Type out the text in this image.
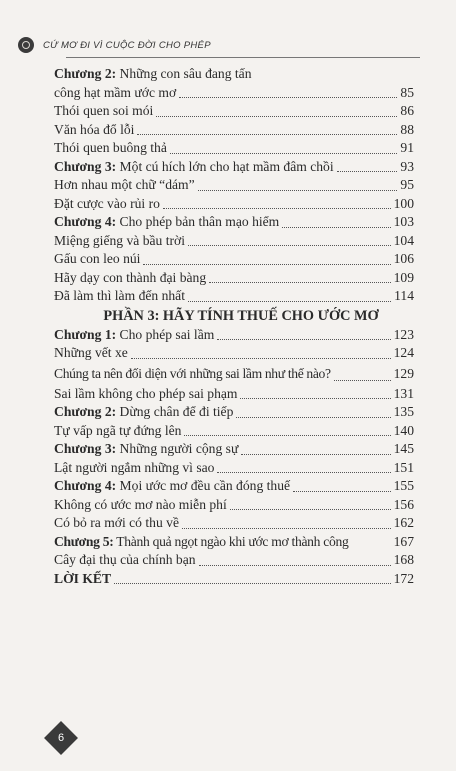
CỨ MƠ ĐI VÌ CUỘC ĐỜI CHO PHÉP
Chương 2: Những con sâu đang tấn
công hạt mầm ước mơ	85
Thói quen soi mói	86
Văn hóa đổ lỗi	88
Thói quen buông thả	91
Chương 3: Một cú hích lớn cho hạt mầm đâm chồi	93
Hơn nhau một chữ “dám”	95
Đặt cược vào rủi ro	100
Chương 4: Cho phép bản thân mạo hiểm	103
Miệng giếng và bầu trời	104
Gấu con leo núi	106
Hãy dạy con thành đại bàng	109
Đã làm thì làm đến nhất	114
PHẦN 3: HÃY TÍNH THUẾ CHO ƯỚC MƠ
Chương 1: Cho phép sai lầm	123
Những vết xe	124
Chúng ta nên đối diện với những sai lầm như thế nào?	129
Sai lầm không cho phép sai phạm	131
Chương 2: Dừng chân để đi tiếp	135
Tự vấp ngã tự đứng lên	140
Chương 3: Những người cộng sự	145
Lật người ngắm những vì sao	151
Chương 4: Mọi ước mơ đều cần đóng thuế	155
Không có ước mơ nào miễn phí	156
Có bỏ ra mới có thu về	162
Chương 5: Thành quả ngọt ngào khi ước mơ thành công	167
Cây đại thụ của chính bạn	168
LỜI KẾT	172
6
